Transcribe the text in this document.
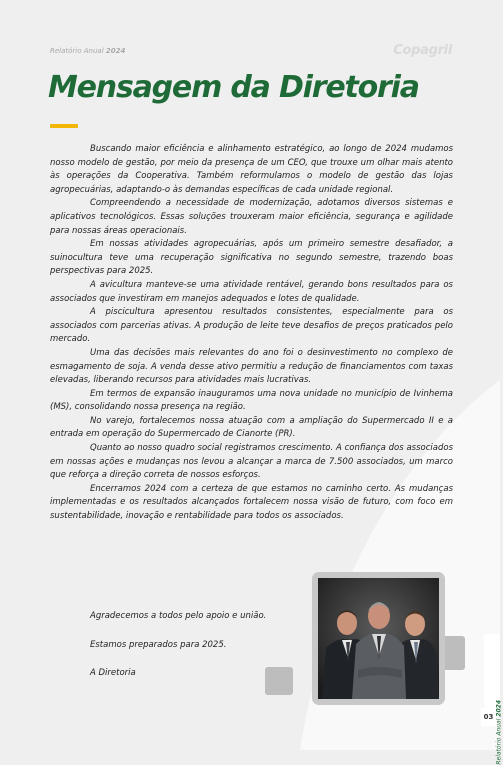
Relatório Anual 2024	Copagril
Mensagem da Diretoria

Buscando maior eficiência e alinhamento estratégico, ao longo de 2024 mudamos nosso modelo de gestão, por meio da presença de um CEO, que trouxe um olhar mais atento às operações da Cooperativa. Também reformulamos o modelo de gestão das lojas agropecuárias, adaptando-o às demandas específicas de cada unidade regional.

Compreendendo a necessidade de modernização, adotamos diversos sistemas e aplicativos tecnológicos. Essas soluções trouxeram maior eficiência, segurança e agilidade para nossas áreas operacionais.

Em nossas atividades agropecuárias, após um primeiro semestre desafiador, a suinocultura teve uma recuperação significativa no segundo semestre, trazendo boas perspectivas para 2025.

A avicultura manteve-se uma atividade rentável, gerando bons resultados para os associados que investiram em manejos adequados e lotes de qualidade.

A piscicultura apresentou resultados consistentes, especialmente para os associados com parcerias ativas. A produção de leite teve desafios de preços praticados pelo mercado.

Uma das decisões mais relevantes do ano foi o desinvestimento no complexo de esmagamento de soja. A venda desse ativo permitiu a redução de financiamentos com taxas elevadas, liberando recursos para atividades mais lucrativas.

Em termos de expansão inauguramos uma nova unidade no município de Ivinhema (MS), consolidando nossa presença na região.

No varejo, fortalecemos nossa atuação com a ampliação do Supermercado II e a entrada em operação do Supermercado de Cianorte (PR).

Quanto ao nosso quadro social registramos crescimento. A confiança dos associados em nossas ações e mudanças nos levou a alcançar a marca de 7.500 associados, um marco que reforça a direção correta de nossos esforços.

Encerramos 2024 com a certeza de que estamos no caminho certo. As mudanças implementadas e os resultados alcançados fortalecem nossa visão de futuro, com foco em sustentabilidade, inovação e rentabilidade para todos os associados.

Agradecemos a todos pelo apoio e união.
Estamos preparados para 2025.
A Diretoria
Relatório Anual 2024
03
